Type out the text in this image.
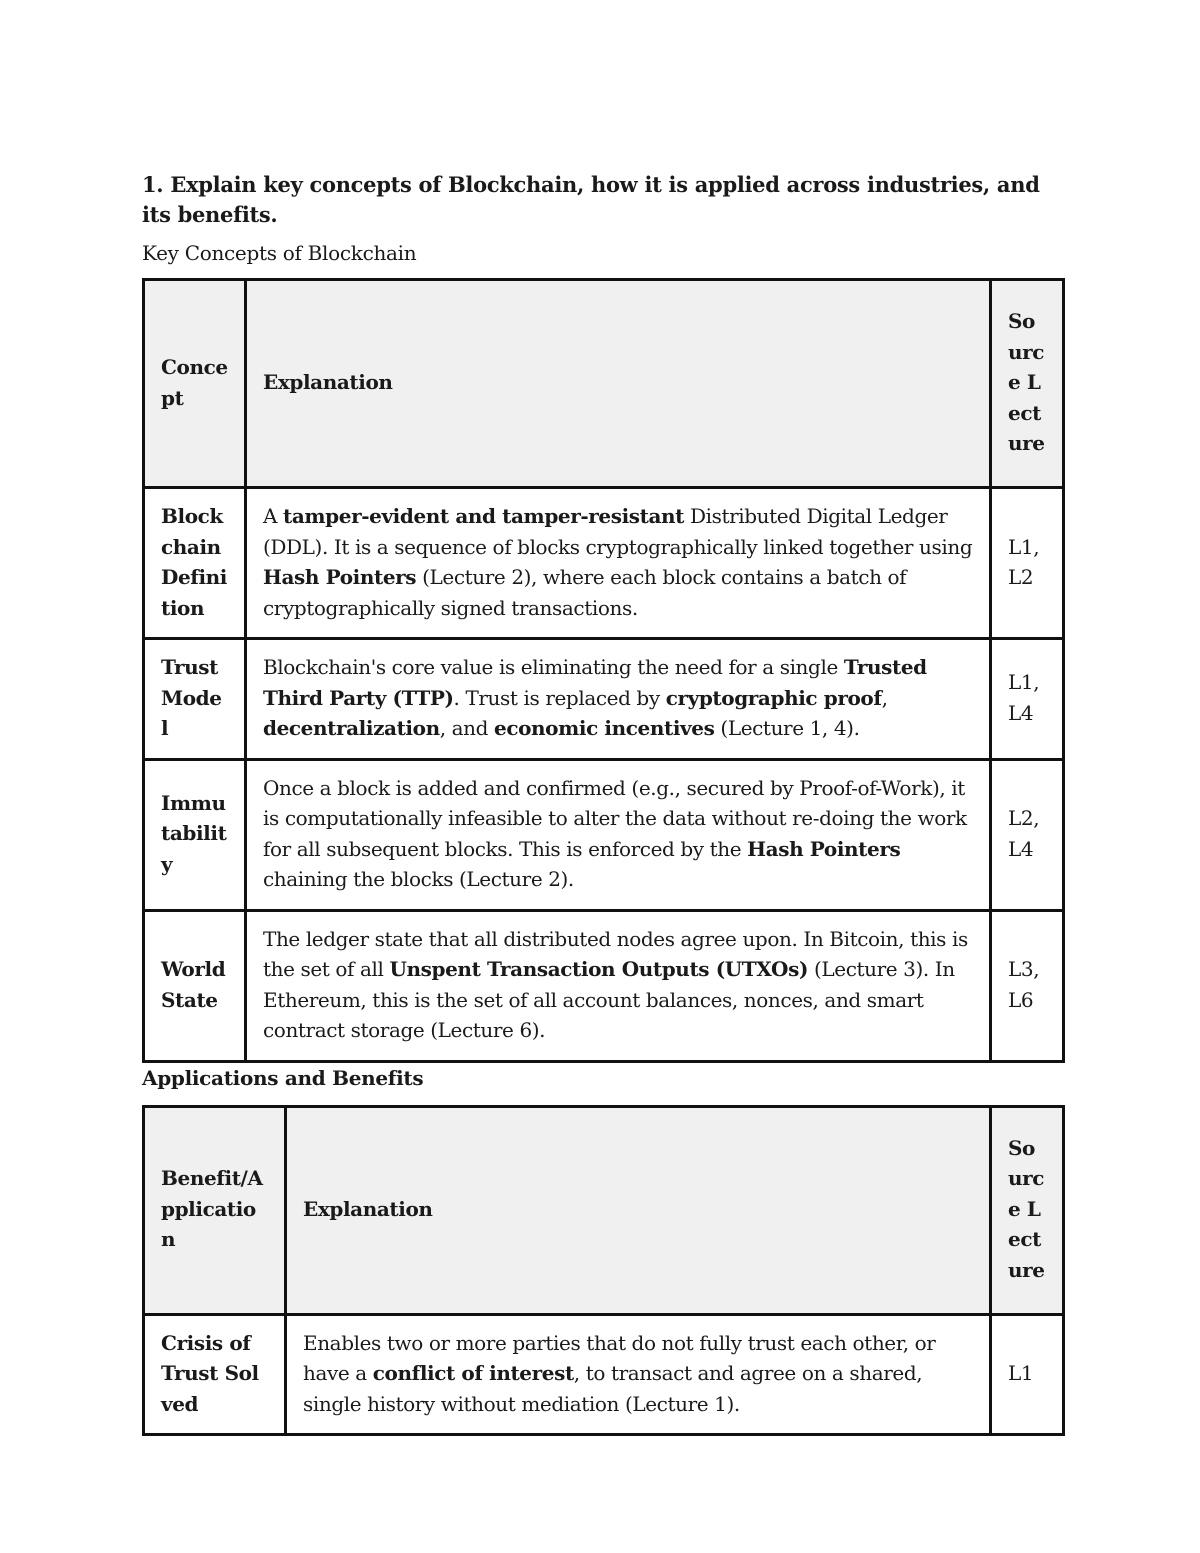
1. Explain key concepts of Blockchain, how it is applied across industries, and its benefits.

Key Concepts of Blockchain

Concept	Explanation	Source Lecture

Blockchain Definition	A tamper-evident and tamper-resistant Distributed Digital Ledger (DDL). It is a sequence of blocks cryptographically linked together using Hash Pointers (Lecture 2), where each block contains a batch of cryptographically signed transactions.	L1, L2

Trust Model	Blockchain's core value is eliminating the need for a single Trusted Third Party (TTP). Trust is replaced by cryptographic proof, decentralization, and economic incentives (Lecture 1, 4).	L1, L4

Immutability	Once a block is added and confirmed (e.g., secured by Proof-of-Work), it is computationally infeasible to alter the data without re-doing the work for all subsequent blocks. This is enforced by the Hash Pointers chaining the blocks (Lecture 2).	L2, L4

World State	The ledger state that all distributed nodes agree upon. In Bitcoin, this is the set of all Unspent Transaction Outputs (UTXOs) (Lecture 3). In Ethereum, this is the set of all account balances, nonces, and smart contract storage (Lecture 6).	L3, L6

Applications and Benefits

Benefit/Application	Explanation	Source Lecture

Crisis of Trust Solved	Enables two or more parties that do not fully trust each other, or have a conflict of interest, to transact and agree on a shared, single history without mediation (Lecture 1).	L1
